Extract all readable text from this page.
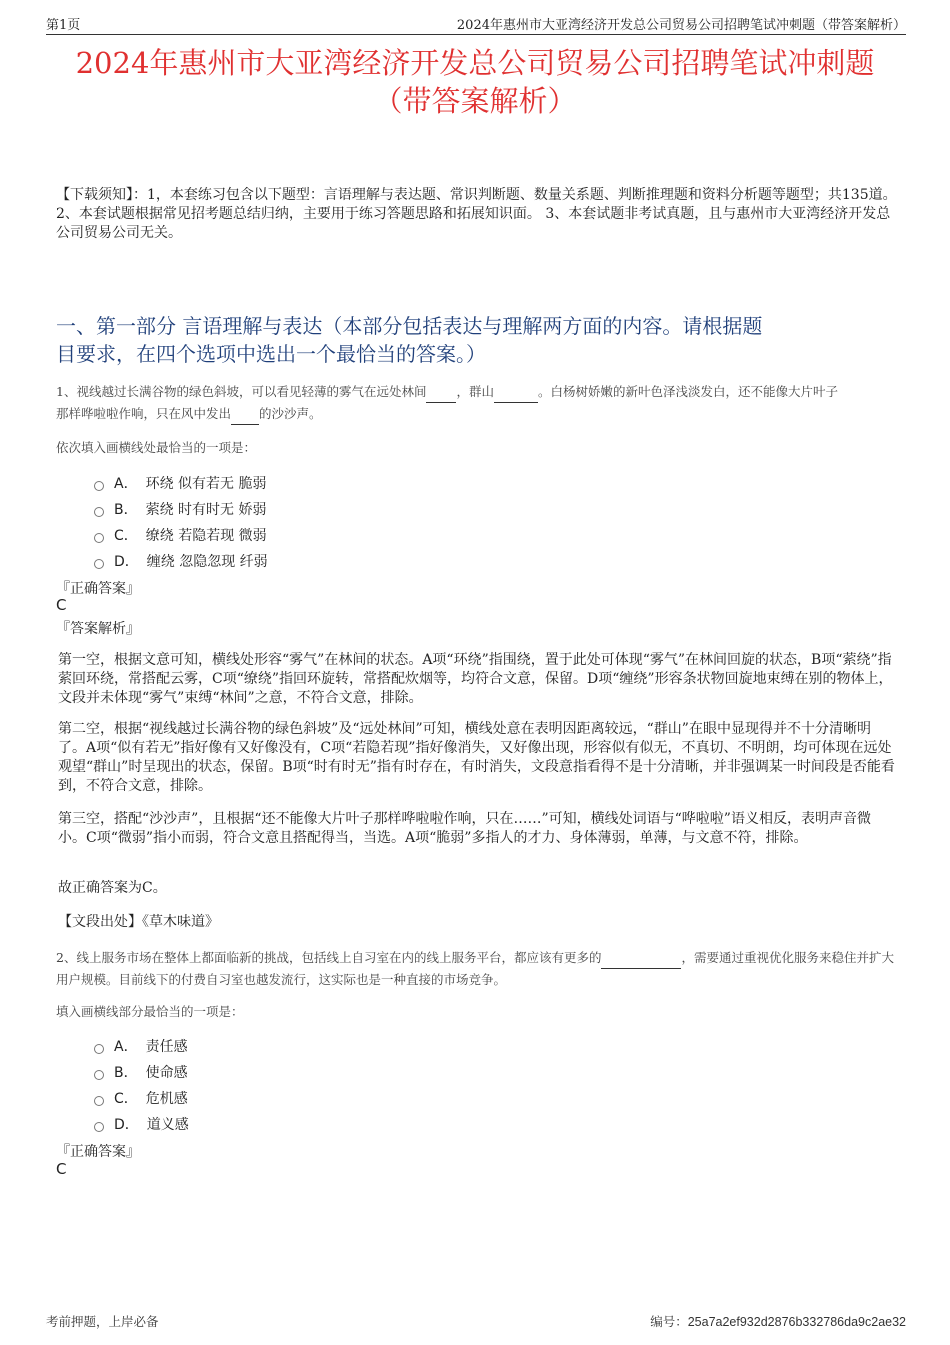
第1页	2024年惠州市大亚湾经济开发总公司贸易公司招聘笔试冲刺题（带答案解析）
2024年惠州市大亚湾经济开发总公司贸易公司招聘笔试冲刺题
（带答案解析）
【下载须知】：1，本套练习包含以下题型：言语理解与表达题、常识判断题、数量关系题、判断推理题和资料分析题等题型；共135道。 2、本套试题根据常见招考题总结归纳，主要用于练习答题思路和拓展知识面。 3、本套试题非考试真题，且与惠州市大亚湾经济开发总公司贸易公司无关。
一、第一部分 言语理解与表达（本部分包括表达与理解两方面的内容。请根据题
目要求，在四个选项中选出一个最恰当的答案。）
1、视线越过长满谷物的绿色斜坡，可以看见轻薄的雾气在远处林间 ，群山	。白杨树娇嫩的新叶色泽浅淡发白，还不能像大片叶子
那样哗啦啦作响，只在风中发出 的沙沙声。
依次填入画横线处最恰当的一项是：
A． 环绕 似有若无 脆弱
B． 萦绕 时有时无 娇弱
C． 缭绕 若隐若现 微弱
D． 缠绕 忽隐忽现 纤弱
『正确答案』
C
『答案解析』
第一空，根据文意可知，横线处形容“雾气”在林间的状态。A项“环绕”指围绕，置于此处可体现“雾气”在林间回旋的状态，B项“萦绕”指萦回环绕，常搭配云雾，C项“缭绕”指回环旋转，常搭配炊烟等，均符合文意，保留。D项“缠绕”形容条状物回旋地束缚在别的物体上，文段并未体现“雾气”束缚“林间”之意，不符合文意，排除。
第二空，根据“视线越过长满谷物的绿色斜坡”及“远处林间”可知，横线处意在表明因距离较远，“群山”在眼中显现得并不十分清晰明了。A项“似有若无”指好像有又好像没有，C项“若隐若现”指好像消失，又好像出现，形容似有似无，不真切、不明朗，均可体现在远处观望“群山”时呈现出的状态，保留。B项“时有时无”指有时存在，有时消失，文段意指看得不是十分清晰，并非强调某一时间段是否能看到，不符合文意，排除。
第三空，搭配“沙沙声”，且根据“还不能像大片叶子那样哗啦啦作响，只在……”可知，横线处词语与“哗啦啦”语义相反，表明声音微小。C项“微弱”指小而弱，符合文意且搭配得当，当选。A项“脆弱”多指人的才力、身体薄弱，单薄，与文意不符，排除。
故正确答案为C。
【文段出处】《草木味道》
2、线上服务市场在整体上都面临新的挑战，包括线上自习室在内的线上服务平台，都应该有更多的	，需要通过重视优化服务来稳住并扩大用户规模。目前线下的付费自习室也越发流行，这实际也是一种直接的市场竞争。
填入画横线部分最恰当的一项是：
A． 责任感
B． 使命感
C． 危机感
D． 道义感
『正确答案』
C
考前押题，上岸必备	编号：25a7a2ef932d2876b332786da9c2ae32
